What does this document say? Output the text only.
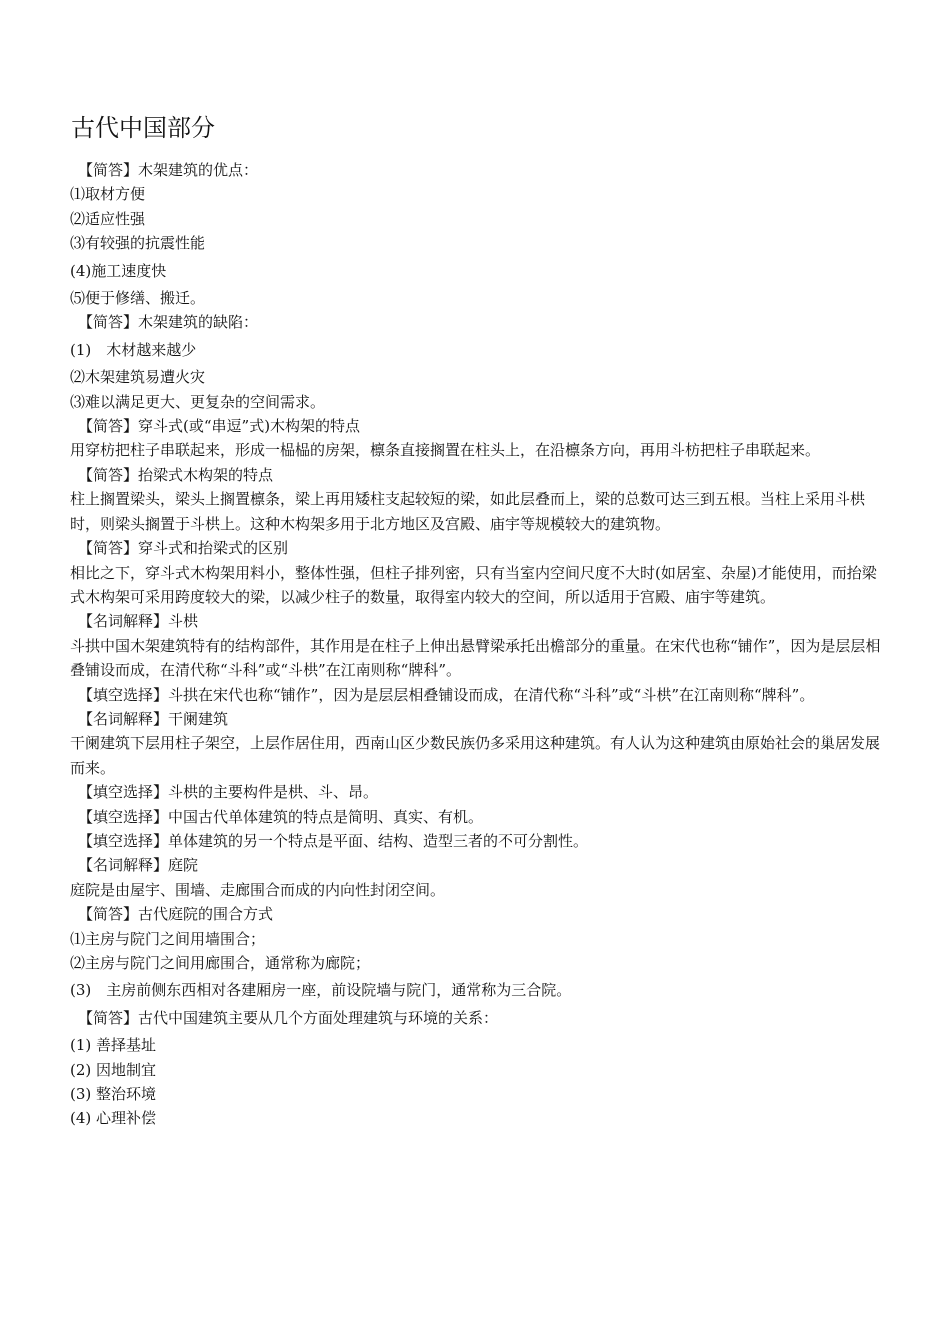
古代中国部分
【简答】木架建筑的优点：
⑴取材方便
⑵适应性强
⑶有较强的抗震性能
(4)施工速度快
⑸便于修缮、搬迁。
【简答】木架建筑的缺陷：
(1)　木材越来越少
⑵木架建筑易遭火灾
⑶难以满足更大、更复杂的空间需求。
【简答】穿斗式(或“串逗”式)木构架的特点
用穿枋把柱子串联起来，形成一榀榀的房架，檩条直接搁置在柱头上，在沿檩条方向，再用斗枋把柱子串联起来。
【简答】抬梁式木构架的特点
柱上搁置梁头，梁头上搁置檩条，梁上再用矮柱支起较短的梁，如此层叠而上，梁的总数可达三到五根。当柱上采用斗栱时，则梁头搁置于斗栱上。这种木构架多用于北方地区及宫殿、庙宇等规模较大的建筑物。
【简答】穿斗式和抬梁式的区别
相比之下，穿斗式木构架用料小，整体性强，但柱子排列密，只有当室内空间尺度不大时(如居室、杂屋)才能使用，而抬梁式木构架可采用跨度较大的梁，以减少柱子的数量，取得室内较大的空间，所以适用于宫殿、庙宇等建筑。
【名词解释】斗栱
斗拱中国木架建筑特有的结构部件，其作用是在柱子上伸出悬臂梁承托出檐部分的重量。在宋代也称“铺作”，因为是层层相叠铺设而成，在清代称“斗科”或“斗栱”在江南则称“牌科”。
【填空选择】斗拱在宋代也称“铺作”，因为是层层相叠铺设而成，在清代称“斗科”或“斗栱”在江南则称“牌科”。
【名词解释】干阑建筑
干阑建筑下层用柱子架空，上层作居住用，西南山区少数民族仍多采用这种建筑。有人认为这种建筑由原始社会的巢居发展而来。
【填空选择】斗栱的主要构件是栱、斗、昂。
【填空选择】中国古代单体建筑的特点是简明、真实、有机。
【填空选择】单体建筑的另一个特点是平面、结构、造型三者的不可分割性。
【名词解释】庭院
庭院是由屋宇、围墙、走廊围合而成的内向性封闭空间。
【简答】古代庭院的围合方式
⑴主房与院门之间用墙围合；
⑵主房与院门之间用廊围合，通常称为廊院；
(3)　主房前侧东西相对各建厢房一座，前设院墙与院门，通常称为三合院。
【简答】古代中国建筑主要从几个方面处理建筑与环境的关系：
(1) 善择基址
(2) 因地制宜
(3) 整治环境
(4) 心理补偿
